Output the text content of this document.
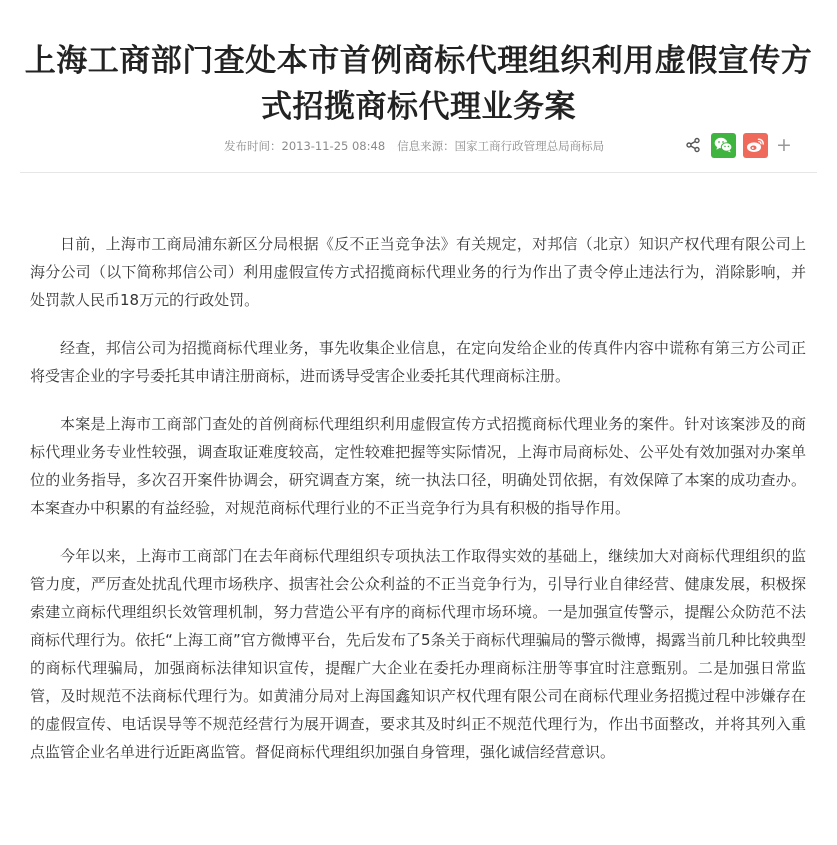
上海工商部门查处本市首例商标代理组织利用虚假宣传方式招揽商标代理业务案
发布时间：2013-11-25 08:48 信息来源：国家工商行政管理总局商标局	+

日前，上海市工商局浦东新区分局根据《反不正当竞争法》有关规定，对邦信（北京）知识产权代理有限公司上海分公司（以下简称邦信公司）利用虚假宣传方式招揽商标代理业务的行为作出了责令停止违法行为，消除影响，并处罚款人民币18万元的行政处罚。

经查，邦信公司为招揽商标代理业务，事先收集企业信息，在定向发给企业的传真件内容中谎称有第三方公司正将受害企业的字号委托其申请注册商标，进而诱导受害企业委托其代理商标注册。

本案是上海市工商部门查处的首例商标代理组织利用虚假宣传方式招揽商标代理业务的案件。针对该案涉及的商标代理业务专业性较强，调查取证难度较高，定性较难把握等实际情况，上海市局商标处、公平处有效加强对办案单位的业务指导，多次召开案件协调会，研究调查方案，统一执法口径，明确处罚依据，有效保障了本案的成功查办。本案查办中积累的有益经验，对规范商标代理行业的不正当竞争行为具有积极的指导作用。

今年以来，上海市工商部门在去年商标代理组织专项执法工作取得实效的基础上，继续加大对商标代理组织的监管力度，严厉查处扰乱代理市场秩序、损害社会公众利益的不正当竞争行为，引导行业自律经营、健康发展，积极探索建立商标代理组织长效管理机制，努力营造公平有序的商标代理市场环境。一是加强宣传警示，提醒公众防范不法商标代理行为。依托“上海工商”官方微博平台，先后发布了5条关于商标代理骗局的警示微博，揭露当前几种比较典型的商标代理骗局，加强商标法律知识宣传，提醒广大企业在委托办理商标注册等事宜时注意甄别。二是加强日常监管，及时规范不法商标代理行为。如黄浦分局对上海国鑫知识产权代理有限公司在商标代理业务招揽过程中涉嫌存在的虚假宣传、电话误导等不规范经营行为展开调查，要求其及时纠正不规范代理行为，作出书面整改，并将其列入重点监管企业名单进行近距离监管。督促商标代理组织加强自身管理，强化诚信经营意识。
